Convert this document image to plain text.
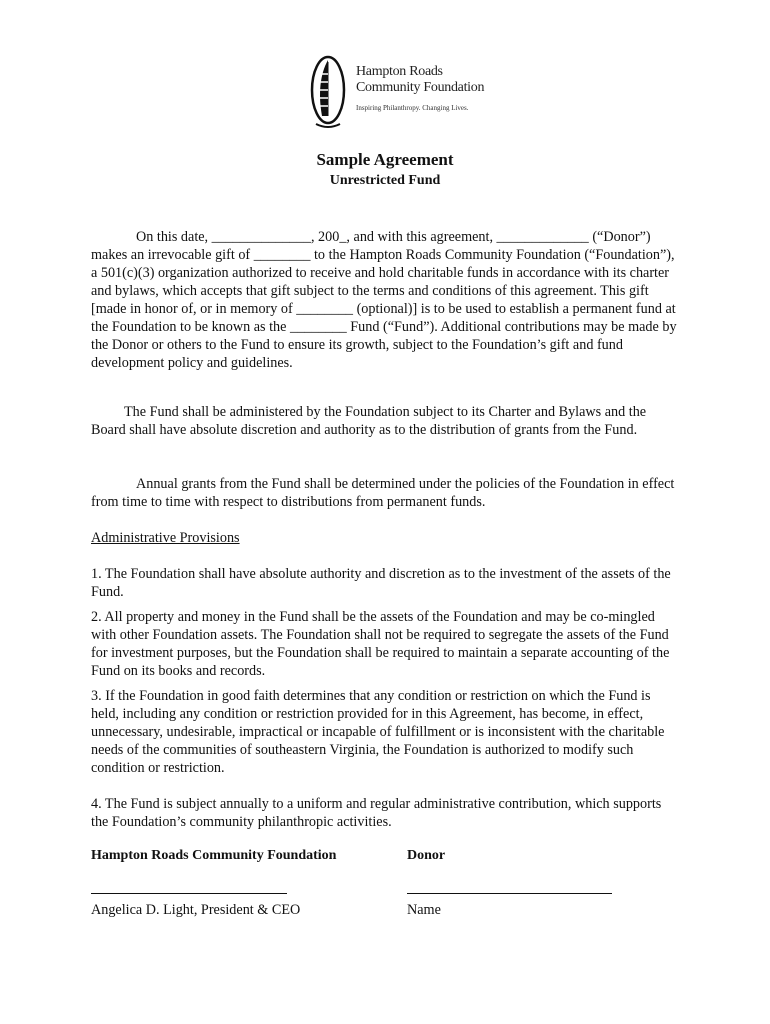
Hampton Roads
Community Foundation
Inspiring Philanthropy. Changing Lives.
Sample Agreement
Unrestricted Fund

On this date, ______________, 200_, and with this agreement, _____________ (“Donor”) makes an irrevocable gift of ________ to the Hampton Roads Community Foundation (“Foundation”), a 501(c)(3) organization authorized to receive and hold charitable funds in accordance with its charter and bylaws, which accepts that gift subject to the terms and conditions of this agreement. This gift [made in honor of, or in memory of ________ (optional)] is to be used to establish a permanent fund at the Foundation to be known as the ________ Fund (“Fund”). Additional contributions may be made by the Donor or others to the Fund to ensure its growth, subject to the Foundation’s gift and fund development policy and guidelines.

The Fund shall be administered by the Foundation subject to its Charter and Bylaws and the Board shall have absolute discretion and authority as to the distribution of grants from the Fund.

Annual grants from the Fund shall be determined under the policies of the Foundation in effect from time to time with respect to distributions from permanent funds.

Administrative Provisions

1. The Foundation shall have absolute authority and discretion as to the investment of the assets of the Fund.

2. All property and money in the Fund shall be the assets of the Foundation and may be co-mingled with other Foundation assets. The Foundation shall not be required to segregate the assets of the Fund for investment purposes, but the Foundation shall be required to maintain a separate accounting of the Fund on its books and records.

3. If the Foundation in good faith determines that any condition or restriction on which the Fund is held, including any condition or restriction provided for in this Agreement, has become, in effect, unnecessary, undesirable, impractical or incapable of fulfillment or is inconsistent with the charitable needs of the communities of southeastern Virginia, the Foundation is authorized to modify such condition or restriction.

4. The Fund is subject annually to a uniform and regular administrative contribution, which supports the Foundation’s community philanthropic activities.

Hampton Roads Community Foundation	Donor
Angelica D. Light, President & CEO	Name
